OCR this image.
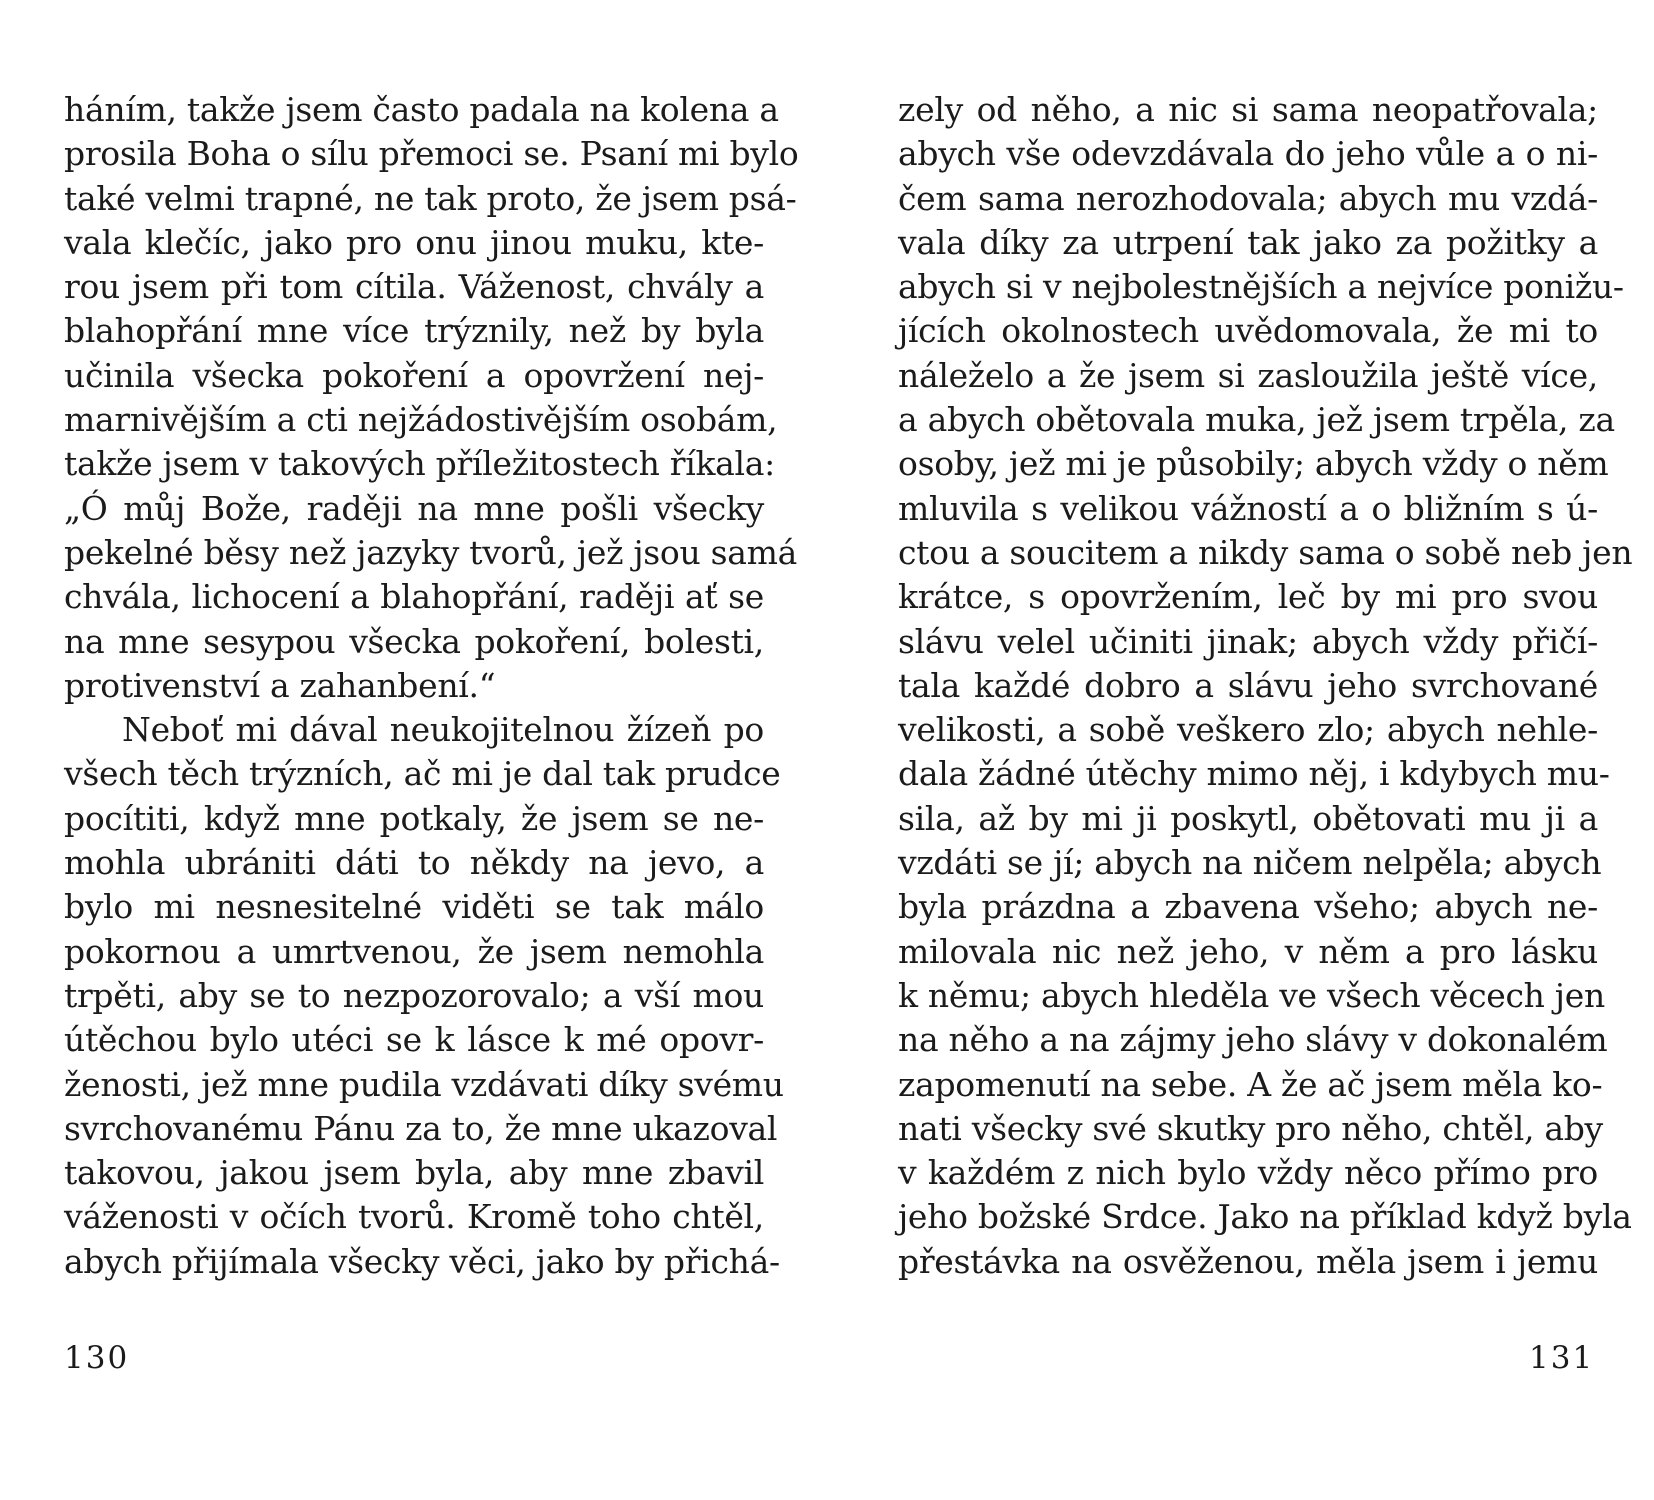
hánı́m, takže jsem často padala na kolena a
prosila Boha o sı́lu přemoci se. Psanı́ mi bylo
také velmi trapné, ne tak proto, že jsem psá-
vala klečı́c, jako pro onu jinou muku, kte-
rou jsem při tom cı́tila. Váženost, chvály a
blahopřánı́ mne vı́ce trýznily, než by byla
učinila všecka pokořenı́ a opovrženı́ nej-
marnivějšı́m a cti nejžádostivějšı́m osobám,
takže jsem v takových přı́ležitostech řı́kala:
„Ó můj Bože, raději na mne pošli všecky
pekelné běsy než jazyky tvorů, jež jsou samá
chvála, lichocenı́ a blahopřánı́, raději ať se
na mne sesypou všecka pokořenı́, bolesti,
protivenstvı́ a zahanbenı́.“
Neboť mi dával neukojitelnou žı́zeň po
všech těch trýznı́ch, ač mi je dal tak prudce
pocı́titi, když mne potkaly, že jsem se ne-
mohla ubrániti dáti to někdy na jevo, a
bylo mi nesnesitelné viděti se tak málo
pokornou a umrtvenou, že jsem nemohla
trpěti, aby se to nezpozorovalo; a všı́ mou
útěchou bylo utéci se k lásce k mé opovr-
ženosti, jež mne pudila vzdávati dı́ky svému
svrchovanému Pánu za to, že mne ukazoval
takovou, jakou jsem byla, aby mne zbavil
váženosti v očı́ch tvorů. Kromě toho chtěl,
abych přijı́mala všecky věci, jako by přichá-
zely od něho, a nic si sama neopatřovala;
abych vše odevzdávala do jeho vůle a o ni-
čem sama nerozhodovala; abych mu vzdá-
vala dı́ky za utrpenı́ tak jako za požitky a
abych si v nejbolestnějšı́ch a nejvı́ce ponižu-
jı́cı́ch okolnostech uvědomovala, že mi to
náleželo a že jsem si zasloužila ještě vı́ce,
a abych obětovala muka, jež jsem trpěla, za
osoby, jež mi je působily; abych vždy o něm
mluvila s velikou vážnostı́ a o bližnı́m s ú-
ctou a soucitem a nikdy sama o sobě neb jen
krátce, s opovrženı́m, leč by mi pro svou
slávu velel učiniti jinak; abych vždy přičı́-
tala každé dobro a slávu jeho svrchované
velikosti, a sobě veškero zlo; abych nehle-
dala žádné útěchy mimo něj, i kdybych mu-
sila, až by mi ji poskytl, obětovati mu ji a
vzdáti se jı́; abych na ničem nelpěla; abych
byla prázdna a zbavena všeho; abych ne-
milovala nic než jeho, v něm a pro lásku
k němu; abych hleděla ve všech věcech jen
na něho a na zájmy jeho slávy v dokonalém
zapomenutı́ na sebe. A že ač jsem měla ko-
nati všecky své skutky pro něho, chtěl, aby
v každém z nich bylo vždy něco přı́mo pro
jeho božské Srdce. Jako na přı́klad když byla
přestávka na osvěženou, měla jsem i jemu
130	131
